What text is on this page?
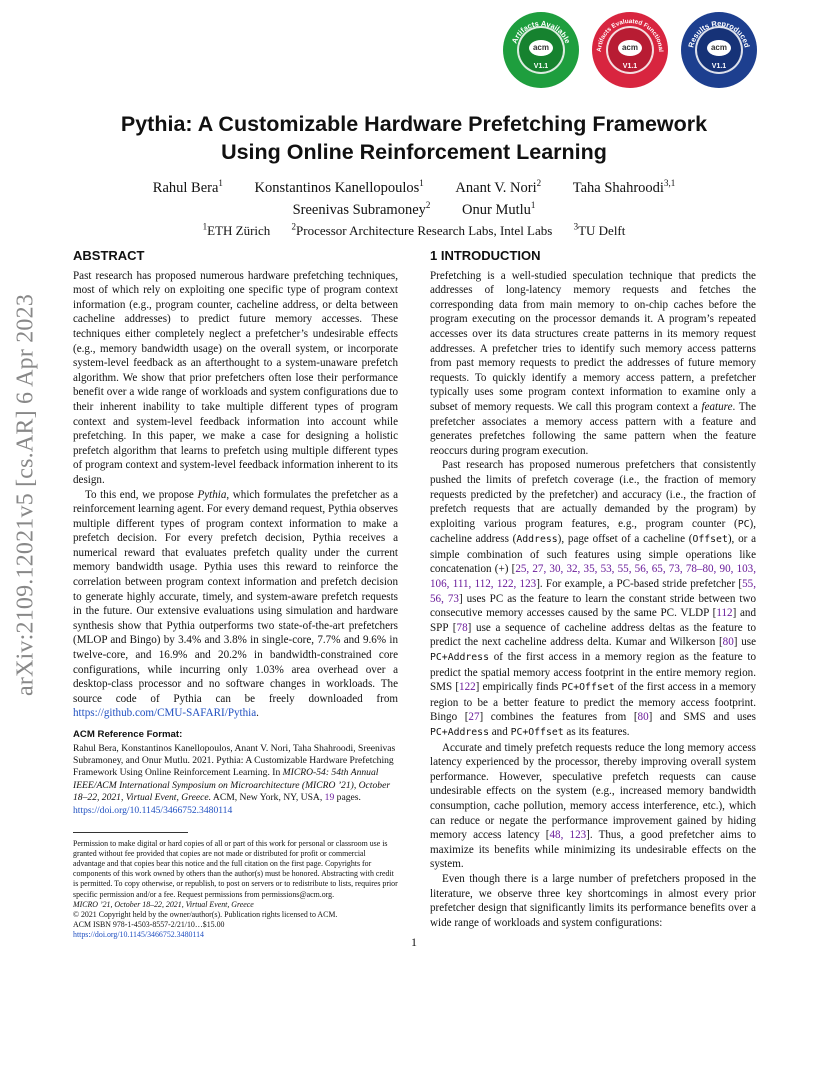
acm
V1.1
Artifacts Available
acm
V1.1
Artifacts Evaluated Functional	acm
V1.1
Results Reproduced
arXiv:2109.12021v5 [cs.AR] 6 Apr 2023
Pythia: A Customizable Hardware Prefetching Framework
Using Online Reinforcement Learning
Rahul Bera$^1$ Konstantinos Kanellopoulos$^1$ Anant V. Nori$^2$ Taha Shahroodi$^{3,1}$
Sreenivas Subramoney$^2$ Onur Mutlu$^1$
$^1$ETH Zürich $^2$Processor Architecture Research Labs, Intel Labs $^3$TU Delft
ABSTRACT
Past research has proposed numerous hardware prefetching techniques, most of which rely on exploiting one specific type of program context information (e.g., program counter, cacheline address, or delta between cacheline addresses) to predict future memory accesses. These techniques either completely neglect a prefetcher’s undesirable effects (e.g., memory bandwidth usage) on the overall system, or incorporate system-level feedback as an afterthought to a system-unaware prefetch algorithm. We show that prior prefetchers often lose their performance benefit over a wide range of workloads and system configurations due to their inherent inability to take multiple different types of program context and system-level feedback information into account while prefetching. In this paper, we make a case for designing a holistic prefetch algorithm that learns to prefetch using multiple different types of program context and system-level feedback information inherent to its design.
To this end, we propose Pythia, which formulates the prefetcher as a reinforcement learning agent. For every demand request, Pythia observes multiple different types of program context information to make a prefetch decision. For every prefetch decision, Pythia receives a numerical reward that evaluates prefetch quality under the current memory bandwidth usage. Pythia uses this reward to reinforce the correlation between program context information and prefetch decision to generate highly accurate, timely, and system-aware prefetch requests in the future. Our extensive evaluations using simulation and hardware synthesis show that Pythia outperforms two state-of-the-art prefetchers (MLOP and Bingo) by 3.4% and 3.8% in single-core, 7.7% and 9.6% in twelve-core, and 16.9% and 20.2% in bandwidth-constrained core configurations, while incurring only 1.03% area overhead over a desktop-class processor and no software changes in workloads. The source code of Pythia can be freely downloaded from https://github.com/CMU-SAFARI/Pythia.
ACM Reference Format:
Rahul Bera, Konstantinos Kanellopoulos, Anant V. Nori, Taha Shahroodi, Sreenivas Subramoney, and Onur Mutlu. 2021. Pythia: A Customizable Hardware Prefetching Framework Using Online Reinforcement Learning. In MICRO-54: 54th Annual IEEE/ACM International Symposium on Microarchitecture (MICRO ’21), October 18–22, 2021, Virtual Event, Greece. ACM, New York, NY, USA, 19 pages. https://doi.org/10.1145/3466752.3480114
Permission to make digital or hard copies of all or part of this work for personal or classroom use is granted without fee provided that copies are not made or distributed for profit or commercial advantage and that copies bear this notice and the full citation on the first page. Copyrights for components of this work owned by others than the author(s) must be honored. Abstracting with credit is permitted. To copy otherwise, or republish, to post on servers or to redistribute to lists, requires prior specific permission and/or a fee. Request permissions from permissions@acm.org.
MICRO ’21, October 18–22, 2021, Virtual Event, Greece
© 2021 Copyright held by the owner/author(s). Publication rights licensed to ACM.
ACM ISBN 978-1-4503-8557-2/21/10…$15.00
https://doi.org/10.1145/3466752.3480114
1 INTRODUCTION
Prefetching is a well-studied speculation technique that predicts the addresses of long-latency memory requests and fetches the corresponding data from main memory to on-chip caches before the program executing on the processor demands it. A program’s repeated accesses over its data structures create patterns in its memory request addresses. A prefetcher tries to identify such memory access patterns from past memory requests to predict the addresses of future memory requests. To quickly identify a memory access pattern, a prefetcher typically uses some program context information to examine only a subset of memory requests. We call this program context a feature. The prefetcher associates a memory access pattern with a feature and generates prefetches following the same pattern when the feature reoccurs during program execution.
Past research has proposed numerous prefetchers that consistently pushed the limits of prefetch coverage (i.e., the fraction of memory requests predicted by the prefetcher) and accuracy (i.e., the fraction of prefetch requests that are actually demanded by the program) by exploiting various program features, e.g., program counter (PC), cacheline address (Address), page offset of a cacheline (Offset), or a simple combination of such features using simple operations like concatenation (+) [25, 27, 30, 32, 35, 53, 55, 56, 65, 73, 78–80, 90, 103, 106, 111, 112, 122, 123]. For example, a PC-based stride prefetcher [55, 56, 73] uses PC as the feature to learn the constant stride between two consecutive memory accesses caused by the same PC. VLDP [112] and SPP [78] use a sequence of cacheline address deltas as the feature to predict the next cacheline address delta. Kumar and Wilkerson [80] use PC+Address of the first access in a memory region as the feature to predict the spatial memory access footprint in the entire memory region. SMS [122] empirically finds PC+Offset of the first access in a memory region to be a better feature to predict the memory access footprint. Bingo [27] combines the features from [80] and SMS and uses PC+Address and PC+Offset as its features.
Accurate and timely prefetch requests reduce the long memory access latency experienced by the processor, thereby improving overall system performance. However, speculative prefetch requests can cause undesirable effects on the system (e.g., increased memory bandwidth consumption, cache pollution, memory access interference, etc.), which can reduce or negate the performance improvement gained by hiding memory access latency [48, 123]. Thus, a good prefetcher aims to maximize its benefits while minimizing its undesirable effects on the system.
Even though there is a large number of prefetchers proposed in the literature, we observe three key shortcomings in almost every prior prefetcher design that significantly limits its performance benefits over a wide range of workloads and system configurations:
1
